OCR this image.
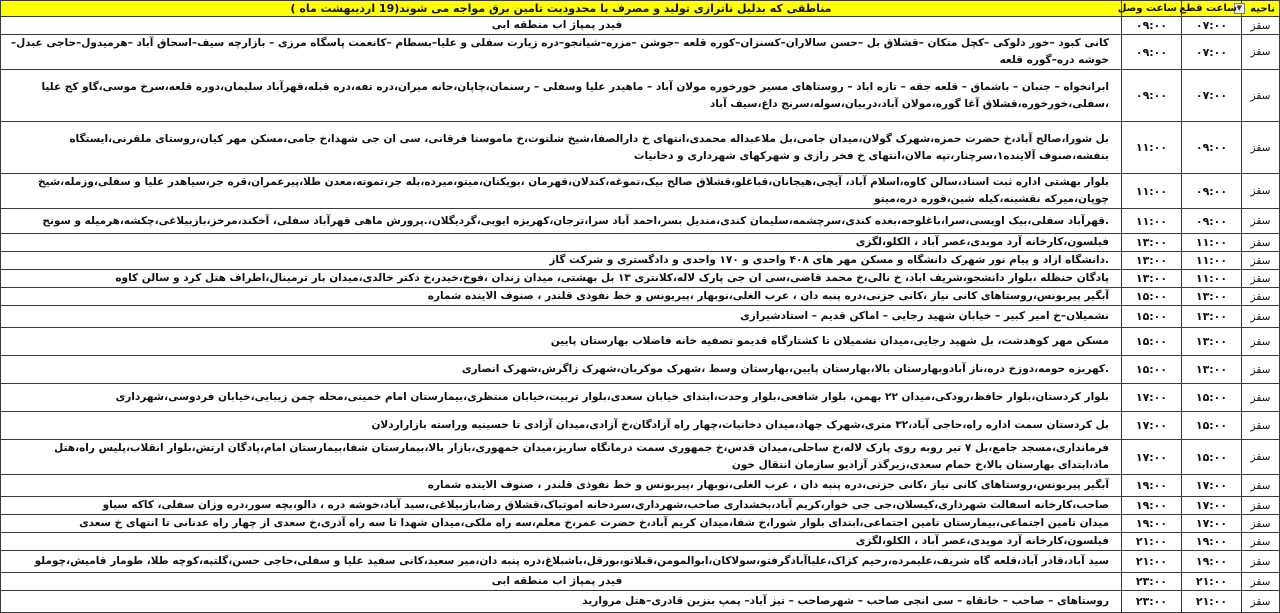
ناحیه ▼	ساعت قطع	ساعت وصل	مناطقی که بدلیل ناترازی تولید و مصرف با محدودیت تامین برق مواجه می شوند(19 اردیبهشت ماه )
سقز	۰۷:۰۰	۰۹:۰۰	فیدر پمپاژ اب منطقه ابی
سقز	۰۷:۰۰	۰۹:۰۰	کانی کبود –خور دلوکی –کچل متکان –قشلاق بل –حسن سالاران–کسنزان–کوره قلعه –جوشن –مزره–شیانجو–دره زیارت سفلی و علیا–بسطام –کانعمت پاسگاه مرزی – بازارچه سیف–اسحاق آباد –هرمیدول–حاجی عبدل–خوشه دره–گوره قلعه
سقز	۰۷:۰۰	۰۹:۰۰	ابرانخواه – جنبان – باشماق – قلعه جقه – تازه اباد – روستاهای مسیر خورخوره مولان آباد – ماهیدر علیا وسفلی – رسنمان،چاپان،حانه میران،دره تفه،دره قبله،قهرآباد سلیمان،دوره قلعه،سرخ موسی،گاو کج علیا ،سفلی،خورخوره،قشلاق آغا گوره،مولان آباد،دربیان،سوله،سرنج داغ،سیف آباد
سقز	۰۹:۰۰	۱۱:۰۰	بل شورا،صالح آباد،خ حضرت حمزه،شهرک گولان،میدان جامی،بل ملاعبداله محمدی،انتهای خ دارالصفا،شیخ شلتوت،خ ماموستا فرقانی، سی ان جی شهدا،خ جامی،مسکن مهر کیان،روستای ملقرنی،ایستگاه بنفشه،صنوف آلاینده۱،سرچنار،تپه مالان،انتهای خ فخر رازی و شهرکهای شهرداری و دخانیات
سقز	۰۹:۰۰	۱۱:۰۰	بلوار بهشتی اداره ثبت اسناد،سالن کاوه،اسلام آباد، آیچی،هیجانان،قباغلو،قشلاق صالح بیک،تموغه،کندلان،قهرمان ،بویکتان،میتو،میرده،بله جر،تموته،معدن طلا،پیرعمران،قره جر،سیاهدر علیا و سفلی،وزمله،شیخ چوپان،میرکه نقشینه،کیله شین،قوره دره،میتو
سقز	۰۹:۰۰	۱۱:۰۰	.قهرآباد سفلی،بیک اویسی،سرا،باغلوجه،بغده کندی،سرچشمه،سلیمان کندی،مندیل بسر،احمد آباد سرا،ترجان،کهریزه ایوبی،گردیگلان،.پرورش ماهی قهرآباد سفلی، آخکند،مرخز،بازبیلاغی،چکشه،هرمیله و سونح
سقز	۱۱:۰۰	۱۳:۰۰	فیلسون،کارخانه آرد مویدی،عصر آباد ، الکلو،لگزی
سقز	۱۱:۰۰	۱۳:۰۰	.دانشگاه ازاد و پیام نور شهرک دانشگاه و مسکن مهر های ۴۰۸ واحدی و ۱۷۰ واحدی و دادگستری و شرکت گاز
سقز	۱۱:۰۰	۱۳:۰۰	پادگان حنظله ،بلوار دانشجو،شریف اباد، خ نالی،خ محمد قاضی،سی ان جی پارک لاله،کلانتری ۱۳ بل بهشتی، میدان زندان ،فوخ،خیدر،خ دکتر خالدی،میدان بار ترمینال،اطراف هتل کرد و سالن کاوه
سقز	۱۳:۰۰	۱۵:۰۰	آبگیر پیربونس،روستاهای کانی نیاز ،کانی جزنی،دره پنبه دان ، عرب الغلی،نوبهار ،پیربونس و خط نفوذی قلندر ، صنوف الاینده شماره
سقز	۱۳:۰۰	۱۵:۰۰	نشمیلان–خ امیر کبیر – خیابان شهید رجایی – اماکن قدیم – استادشیرازی
سقز	۱۳:۰۰	۱۵:۰۰	مسکن مهر کوهدشت، بل شهید رجایی،میدان نشمیلان تا کشتارگاه قدیمو تصفیه خانه فاضلاب بهارستان پایین
سقز	۱۳:۰۰	۱۵:۰۰	.کهریزه حومه،دوزخ دره،ناز آبادوبهارستان بالا،بهارستان پایین،بهارستان وسط ،شهرک موکریان،شهرک زاگرش،شهرک انصاری
سقز	۱۵:۰۰	۱۷:۰۰	بلوار کردستان،بلوار حافظ،رودکی،میدان ۲۲ بهمن، بلوار شافعی،بلوار وحدت،ابتدای خیابان سعدی،بلوار تربیت،خیابان منتظری،بیمارستان امام خمینی،محله چمن زیبایی،خیابان فردوسی،شهرداری
سقز	۱۵:۰۰	۱۷:۰۰	بل کردستان سمت اداره راه،حاجی آباد،۳۲ متری،شهرک جهاد،میدان دخانیات،چهار راه آزادگان،خ آزادی،میدان آزادی تا حسینیه وراسته بازاراردلان
سقز	۱۵:۰۰	۱۷:۰۰	فرمانداری،مسجد جامع،بل ۷ تیر روبه روی پارک لاله،خ ساحلی،میدان قدس،خ جمهوری سمت درمانگاه ساریز،میدان جمهوری،بازار بالا،بیمارستان شفا،بیمارستان امام،پادگان ارتش،بلوار انقلاب،پلیس راه،هتل ماد،ابتدای بهارستان بالا،خ حمام سعدی،زیرگذر آزادیو سازمان انتقال خون
سقز	۱۷:۰۰	۱۹:۰۰	آبگیر پیربونس،روستاهای کانی نیاز ،کانی جزنی،دره پنبه دان ، عرب الغلی،نوبهار ،پیربونس و خط نفوذی قلندر ، صنوف الاینده شماره
سقز	۱۷:۰۰	۱۹:۰۰	صاحب،کارخانه اسفالت شهرداری،کیسلان،جی جی خوار،کریم آباد،بخشداری صاحب،شهرداری،سردخانه اموتیاک،قشلاق رضا،بازبیلاغی،سید آباد،خوشه دره ، دالو،بچه سور،دره وزان سفلی، کاکه سیاو
سقز	۱۷:۰۰	۱۹:۰۰	میدان تامین اجتماعی،بیمارستان تامین اجتماعی،ابتدای بلوار شورا،خ شفا،میدان کریم آباد،خ حضرت عمر،خ معلم،سه راه ملکی،میدان شهدا تا سه راه آذری،خ سعدی از چهار راه عدنانی تا انتهای خ سعدی
سقز	۱۹:۰۰	۲۱:۰۰	فیلسون،کارخانه آرد مویدی،عصر آباد ، الکلو،لگزی
سقز	۱۹:۰۰	۲۱:۰۰	سید آباد،قادر آباد،قلعه گاه شریف،علیمرده،رحیم کزاک،علیاآبادگرفتو،سولاکان،ابوالمومن،قبلاتو،بورقل،باشبلاغ،دره پنبه دان،میر سعید،کانی سفید علیا و سفلی،حاجی حسن،گلتپه،کوچه طلا، طومار قامیش،چوملو
سقز	۲۱:۰۰	۲۳:۰۰	فیدر پمپاژ اب منطقه ابی
سقز	۲۱:۰۰	۲۳:۰۰	روستاهای – صاحب – خانقاه – سی انجی صاحب – شهرصاحب – تیز آباد– پمپ بنزین قادری–هتل مروارید
